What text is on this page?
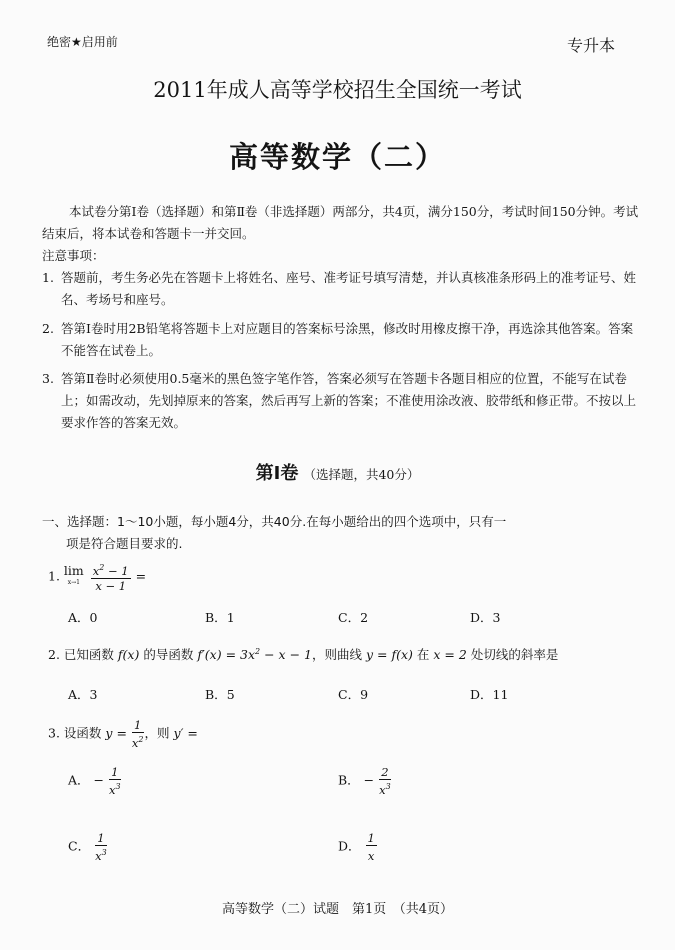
绝密★启用前	专升本
2011年成人高等学校招生全国统一考试
高等数学（二）
本试卷分第Ⅰ卷（选择题）和第Ⅱ卷（非选择题）两部分，共4页，满分150分，考试时间150分钟。考试结束后，将本试卷和答题卡一并交回。
注意事项：
1. 答题前，考生务必先在答题卡上将姓名、座号、准考证号填写清楚，并认真核准条形码上的准考证号、姓名、考场号和座号。
2. 答第Ⅰ卷时用2B铅笔将答题卡上对应题目的答案标号涂黑，修改时用橡皮擦干净，再选涂其他答案。答案不能答在试卷上。
3. 答第Ⅱ卷时必须使用0.5毫米的黑色签字笔作答，答案必须写在答题卡各题目相应的位置，不能写在试卷上；如需改动，先划掉原来的答案，然后再写上新的答案；不准使用涂改液、胶带纸和修正带。不按以上要求作答的答案无效。
第Ⅰ卷 （选择题，共40分）
一、选择题：1～10小题，每小题4分，共40分.在每小题给出的四个选项中，只有一
项是符合题目要求的.
1. lim
x→1
$\frac{x^2 - 1}{x - 1}$ =
A．0	B．1	C．2	D．3
2. 已知函数 f(x) 的导函数 $f'(x) = 3x^2 - x - 1$，则曲线 y = f(x) 在 x = 2 处切线的斜率是
A．3	B．5	C．9	D．11
3. 设函数 $y = \frac{1}{x^2}$ ，则 y′ =
A． − $\frac{1}{x^3}$	B． − $\frac{2}{x^3}$
C． $\frac{1}{x^3}$	D． $\frac{1}{x}$
高等数学（二）试题　第1页　（共4页）
